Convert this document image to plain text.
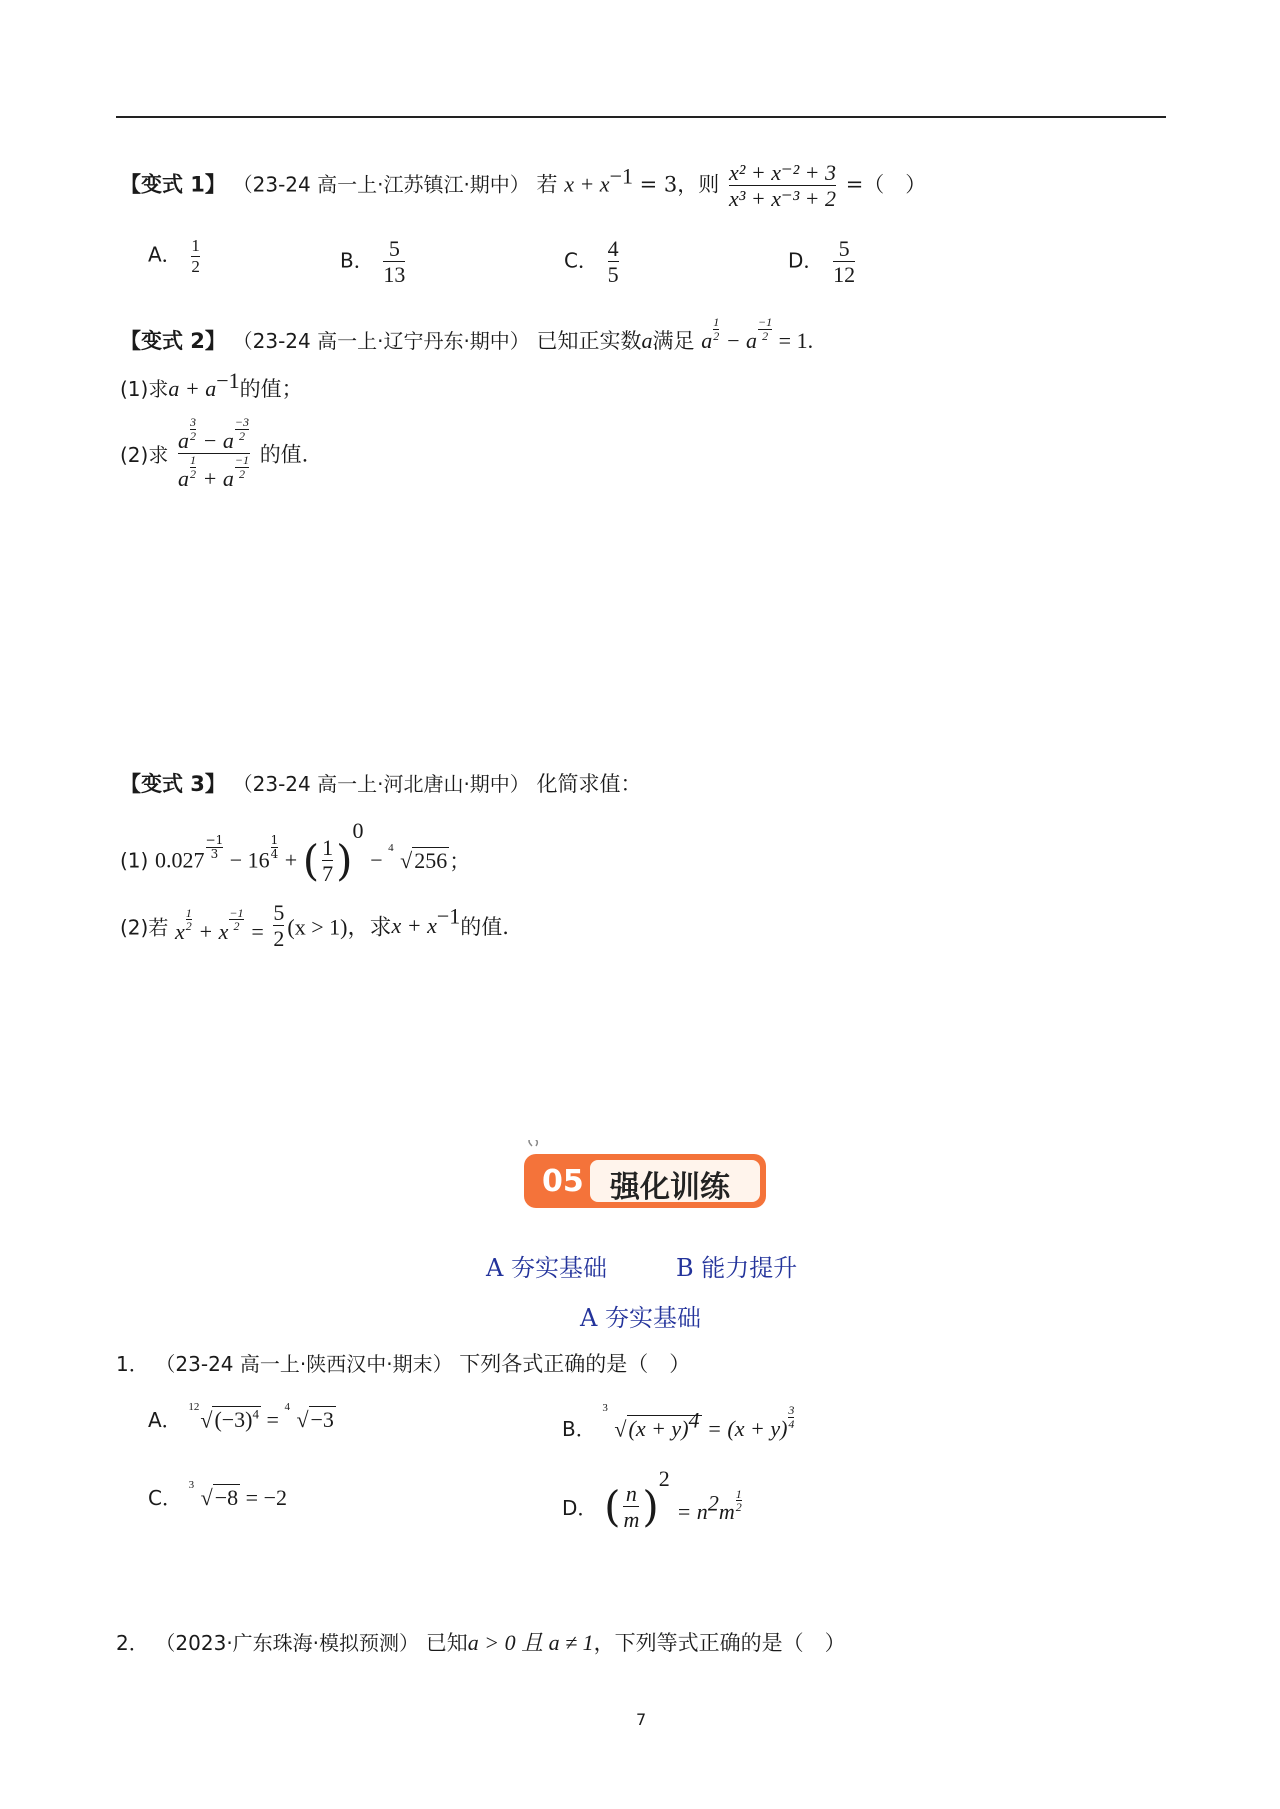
【变式 1】 （23-24 高一上·江苏镇江·期中） 若 $x + x^{-1} = 3$，则 $\frac{\text{x² + x⁻² + 3}}{\text{x³ + x⁻³ + 2}}$ =（　）
A． $\frac{1}{2}$	B． $\frac{5}{13}$	C． $\frac{4}{5}$	D． $\frac{5}{12}$
【变式 2】 （23-24 高一上·辽宁丹东·期中） 已知正实数a满足 a $\frac{1}{2} - a \frac{-1}{2} = 1$.
(1)求$a + a^{-1}$的值；
(2)求 $\frac{a \frac{3}{2} - a \frac{-3}{2}}{a \frac{1}{2} + a \frac{-1}{2}}$ 的值.
【变式 3】 （23-24 高一上·河北唐山·期中） 化简求值：
(1) $0.027 \frac{-1}{3} - 16 \frac{1}{4}$ + ( $\frac{1}{7} )^0 - 4$ √256；
(2)若 x $\frac{1}{2} + x \frac{-1}{2} = \frac{5}{2} (x > 1)$，求$x + x^{-1}$的值.
05 强化训练
A 夯实基础	B 能力提升
A 夯实基础
1． （23-24 高一上·陕西汉中·期末） 下列各式正确的是（　）
A．
12
$√(-3)^4 = 4$ √−3	B．
3
$√(x + y)^4 = (x + y) \frac{3}{4}$
C．
3 √−8 = −2	D． ( $\frac{n}{m} )^2 = n^2m \frac{1}{2}$
2． （2023·广东珠海·模拟预测） 已知a > 0 且 a ≠ 1，下列等式正确的是（　）
7
